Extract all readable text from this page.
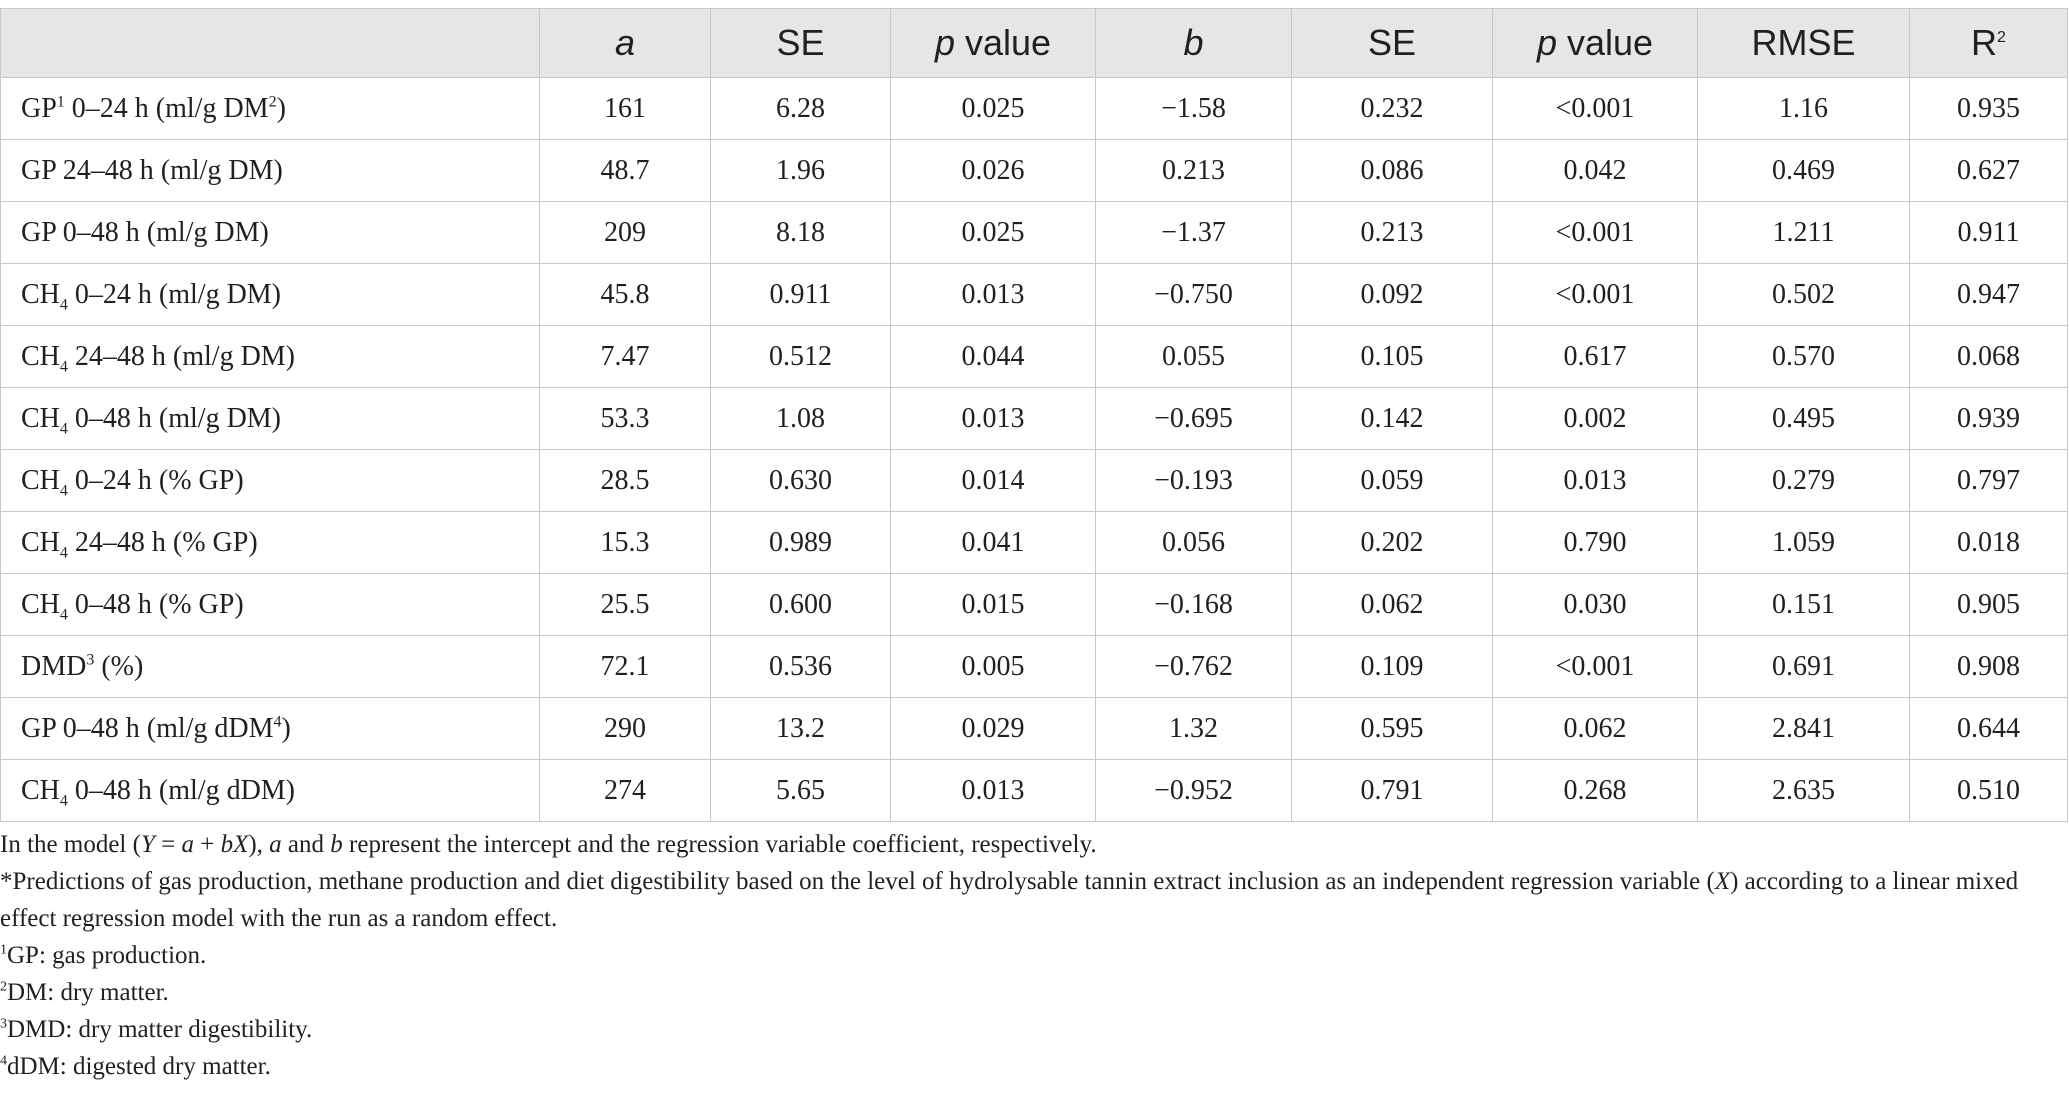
	a	SE	p value	b	SE	p value	RMSE	$R^2$
$GP^1$ 0–24 h (ml/g $DM^2$)	161	6.28	0.025	−1.58	0.232	<0.001	1.16	0.935
GP 24–48 h (ml/g DM)	48.7	1.96	0.026	0.213	0.086	0.042	0.469	0.627
GP 0–48 h (ml/g DM)	209	8.18	0.025	−1.37	0.213	<0.001	1.211	0.911
$CH_4$ 0–24 h (ml/g DM)	45.8	0.911	0.013	−0.750	0.092	<0.001	0.502	0.947
$CH_4$ 24–48 h (ml/g DM)	7.47	0.512	0.044	0.055	0.105	0.617	0.570	0.068
$CH_4$ 0–48 h (ml/g DM)	53.3	1.08	0.013	−0.695	0.142	0.002	0.495	0.939
$CH_4$ 0–24 h (% GP)	28.5	0.630	0.014	−0.193	0.059	0.013	0.279	0.797
$CH_4$ 24–48 h (% GP)	15.3	0.989	0.041	0.056	0.202	0.790	1.059	0.018
$CH_4$ 0–48 h (% GP)	25.5	0.600	0.015	−0.168	0.062	0.030	0.151	0.905
DMD$^3$ (%)	72.1	0.536	0.005	−0.762	0.109	<0.001	0.691	0.908
GP 0–48 h (ml/g dDM$^4$)	290	13.2	0.029	1.32	0.595	0.062	2.841	0.644
$CH_4$ 0–48 h (ml/g dDM)	274	5.65	0.013	−0.952	0.791	0.268	2.635	0.510

In the model (Y = a + bX), a and b represent the intercept and the regression variable coefficient, respectively.

*Predictions of gas production, methane production and diet digestibility based on the level of hydrolysable tannin extract inclusion as an independent regression variable (X) according to a linear mixed effect regression model with the run as a random effect.

$^1$GP: gas production.

$^2$DM: dry matter.

$^3$DMD: dry matter digestibility.

$^4$dDM: digested dry matter.
